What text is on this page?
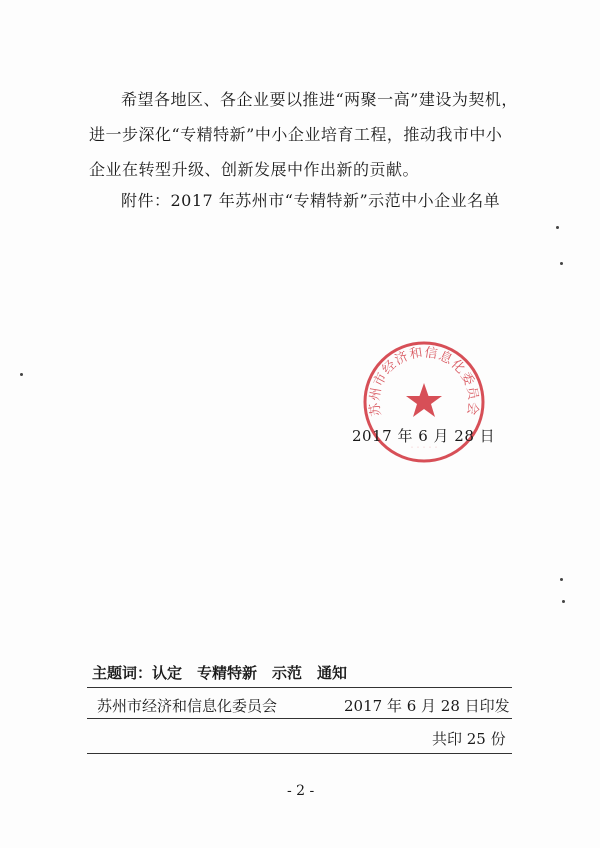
希望各地区、各企业要以推进“两聚一高”建设为契机，
进一步深化“专精特新”中小企业培育工程，推动我市中小
企业在转型升级、创新发展中作出新的贡献。
附件：2017 年苏州市“专精特新”示范中小企业名单
苏州市经济和信息化委员会
· · · · ·
2017 年 6 月 28 日
主题词：认定　专精特新　示范　通知
苏州市经济和信息化委员会	2017 年 6 月 28 日印发
共印 25 份
- 2 -
